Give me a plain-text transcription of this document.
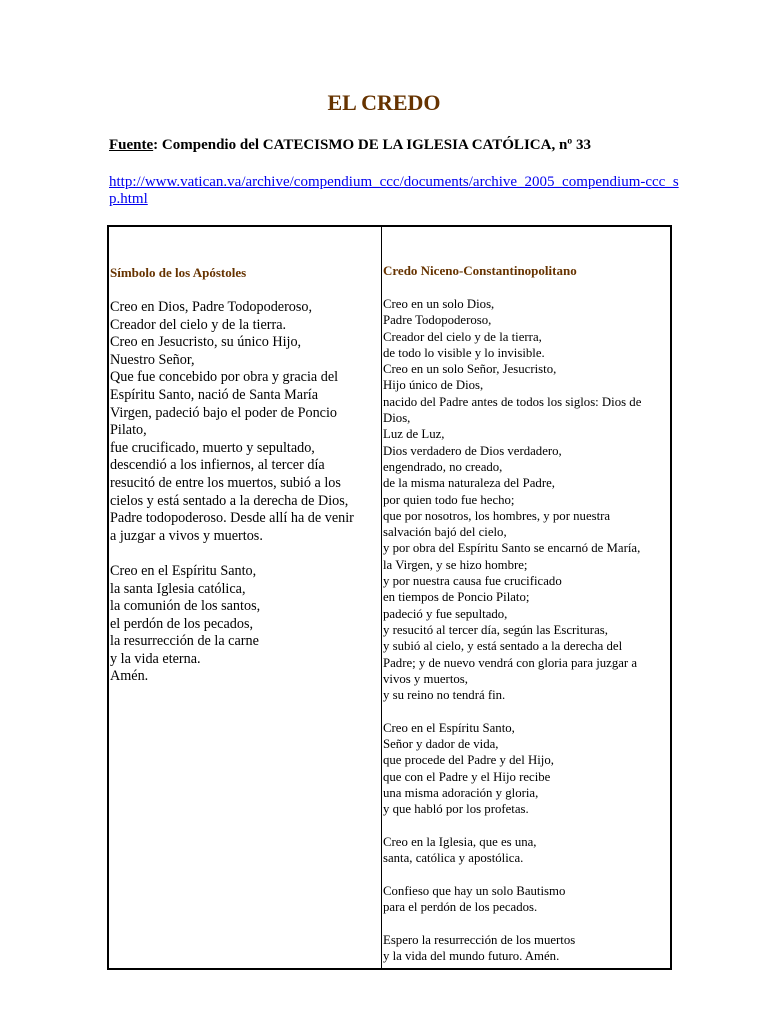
EL CREDO

Fuente: Compendio del CATECISMO DE LA IGLESIA CATÓLICA, nº 33

http://www.vatican.va/archive/compendium_ccc/documents/archive_2005_compendium-ccc_sp.html

Símbolo de los Apóstoles

Creo en Dios, Padre Todopoderoso,
Creador del cielo y de la tierra.
Creo en Jesucristo, su único Hijo,
Nuestro Señor,
Que fue concebido por obra y gracia del
Espíritu Santo, nació de Santa María
Virgen, padeció bajo el poder de Poncio
Pilato,
fue crucificado, muerto y sepultado,
descendió a los infiernos, al tercer día
resucitó de entre los muertos, subió a los
cielos y está sentado a la derecha de Dios,
Padre todopoderoso. Desde allí ha de venir
a juzgar a vivos y muertos.

Creo en el Espíritu Santo,
la santa Iglesia católica,
la comunión de los santos,
el perdón de los pecados,
la resurrección de la carne
y la vida eterna.
Amén.

Credo Niceno-Constantinopolitano

Creo en un solo Dios,
Padre Todopoderoso,
Creador del cielo y de la tierra,
de todo lo visible y lo invisible.
Creo en un solo Señor, Jesucristo,
Hijo único de Dios,
nacido del Padre antes de todos los siglos: Dios de
Dios,
Luz de Luz,
Dios verdadero de Dios verdadero,
engendrado, no creado,
de la misma naturaleza del Padre,
por quien todo fue hecho;
que por nosotros, los hombres, y por nuestra
salvación bajó del cielo,
y por obra del Espíritu Santo se encarnó de María,
la Virgen, y se hizo hombre;
y por nuestra causa fue crucificado
en tiempos de Poncio Pilato;
padeció y fue sepultado,
y resucitó al tercer día, según las Escrituras,
y subió al cielo, y está sentado a la derecha del
Padre; y de nuevo vendrá con gloria para juzgar a
vivos y muertos,
y su reino no tendrá fin.

Creo en el Espíritu Santo,
Señor y dador de vida,
que procede del Padre y del Hijo,
que con el Padre y el Hijo recibe
una misma adoración y gloria,
y que habló por los profetas.

Creo en la Iglesia, que es una,
santa, católica y apostólica.

Confieso que hay un solo Bautismo
para el perdón de los pecados.

Espero la resurrección de los muertos
y la vida del mundo futuro. Amén.
